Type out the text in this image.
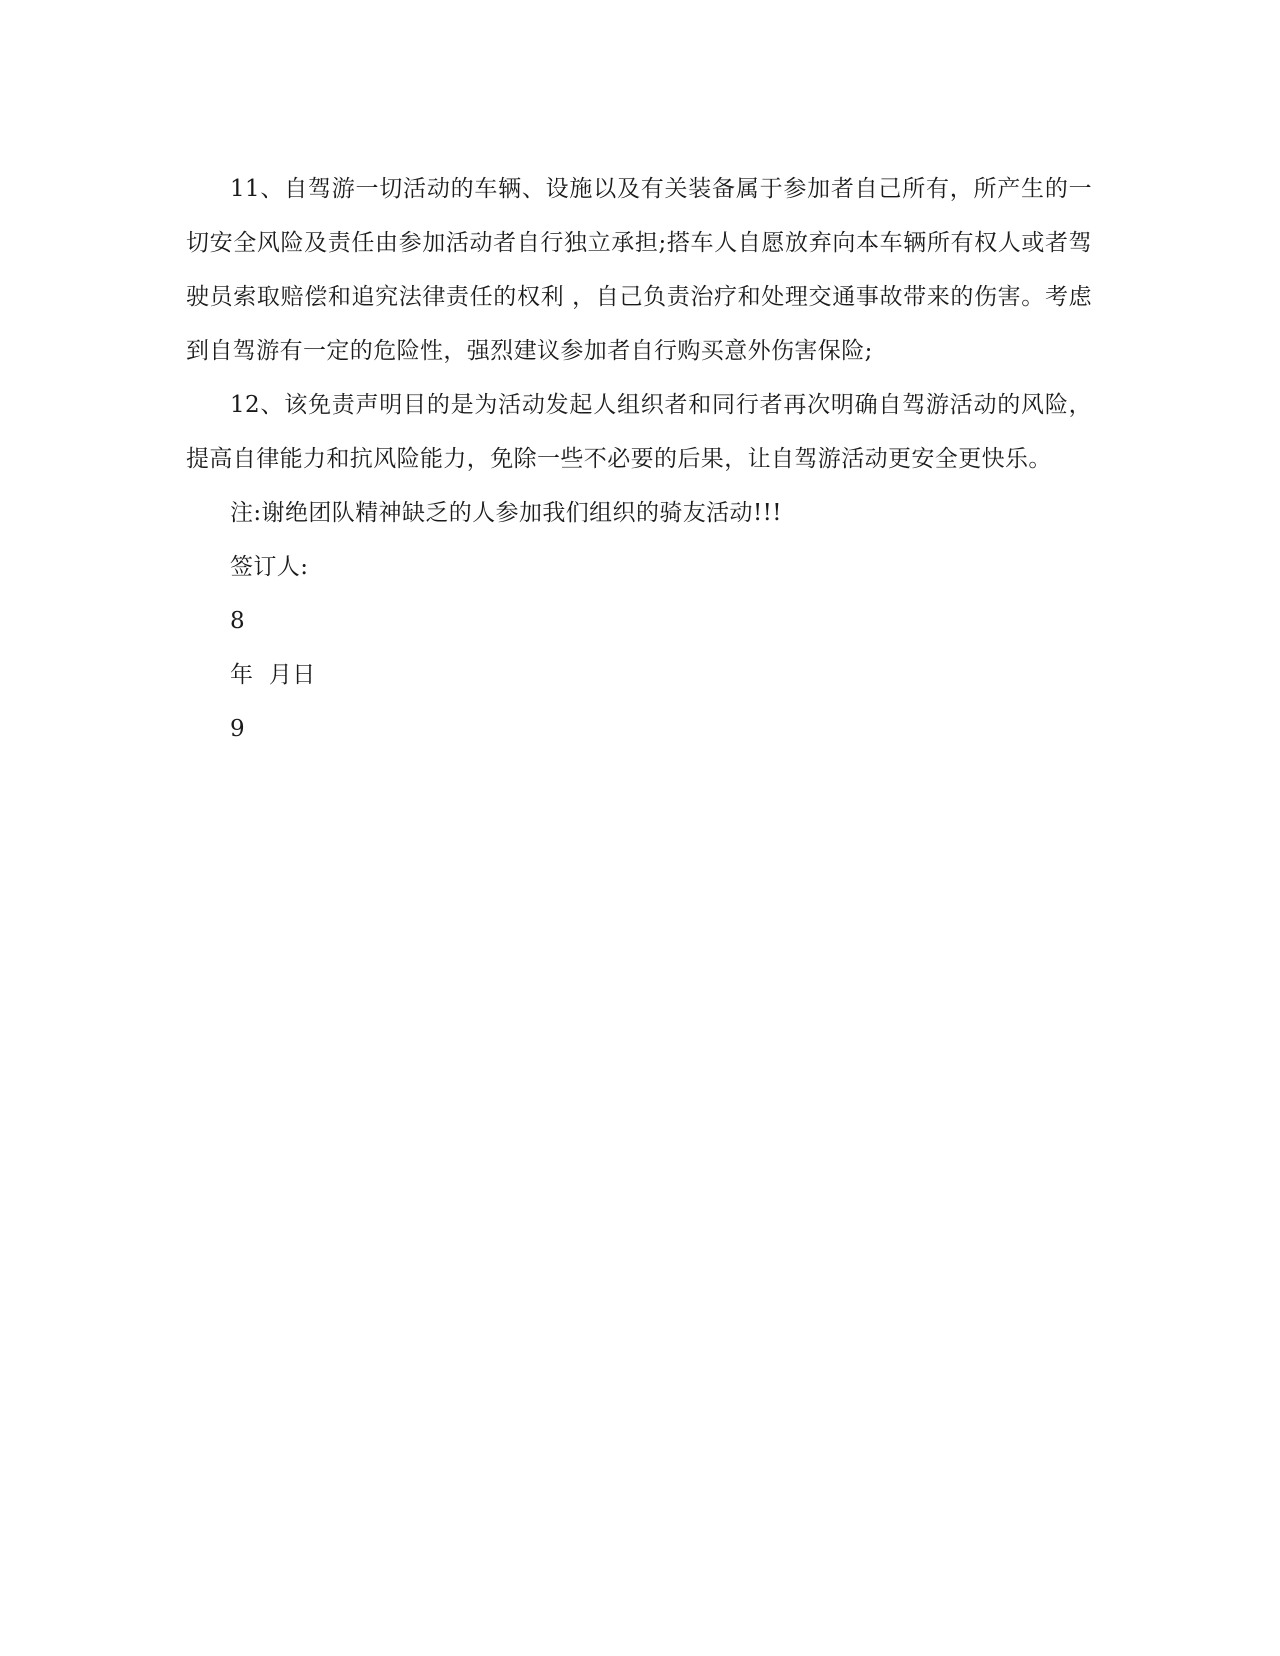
11、自驾游一切活动的车辆、设施以及有关装备属于参加者自己所有，所产生的一切安全风险及责任由参加活动者自行独立承担;搭车人自愿放弃向本车辆所有权人或者驾驶员索取赔偿和追究法律责任的权利 ，自己负责治疗和处理交通事故带来的伤害。考虑到自驾游有一定的危险性，强烈建议参加者自行购买意外伤害保险;

12、该免责声明目的是为活动发起人组织者和同行者再次明确自驾游活动的风险，提高自律能力和抗风险能力，免除一些不必要的后果，让自驾游活动更安全更快乐。

注:谢绝团队精神缺乏的人参加我们组织的骑友活动!!!

签订人:

8

年  月日

9
